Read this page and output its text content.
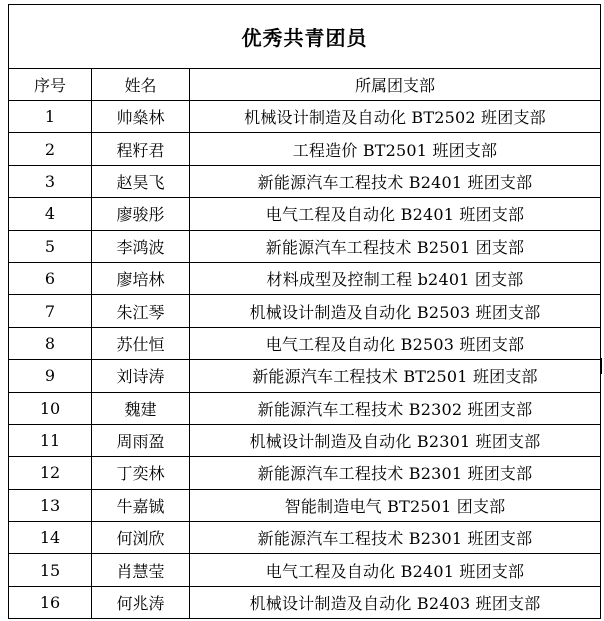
优秀共青团员		
序号	姓名	所属团支部
1	帅燊林	机械设计制造及自动化 BT2502 班团支部
2	程籽君	工程造价 BT2501 班团支部
3	赵昊飞	新能源汽车工程技术 B2401 班团支部
4	廖骏彤	电气工程及自动化 B2401 班团支部
5	李鸿波	新能源汽车工程技术 B2501 团支部
6	廖培林	材料成型及控制工程 b2401 团支部
7	朱江琴	机械设计制造及自动化 B2503 班团支部
8	苏仕恒	电气工程及自动化 B2503 班团支部
9	刘诗涛	新能源汽车工程技术 BT2501 班团支部
10	魏建	新能源汽车工程技术 B2302 班团支部
11	周雨盈	机械设计制造及自动化 B2301 班团支部
12	丁奕林	新能源汽车工程技术 B2301 班团支部
13	牛嘉铖	智能制造电气 BT2501 团支部
14	何浏欣	新能源汽车工程技术 B2301 班团支部
15	肖慧莹	电气工程及自动化 B2401 班团支部
16	何兆涛	机械设计制造及自动化 B2403 班团支部
